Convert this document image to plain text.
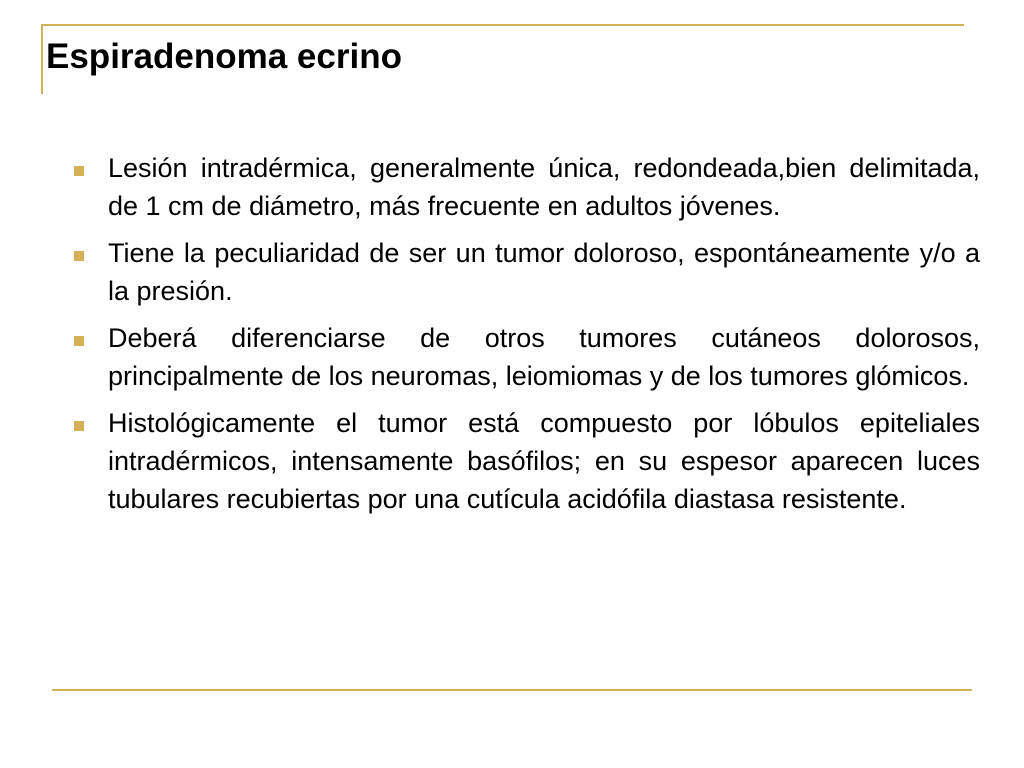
Espiradenoma ecrino
Lesión intradérmica, generalmente única, redondeada,bien delimitada, de 1 cm de diámetro, más frecuente en adultos jóvenes.
Tiene la peculiaridad de ser un tumor doloroso, espontáneamente y/o a la presión.
Deberá diferenciarse de otros tumores cutáneos dolorosos, principalmente de los neuromas, leiomiomas y de los tumores glómicos.
Histológicamente el tumor está compuesto por lóbulos epiteliales intradérmicos, intensamente basófilos; en su espesor aparecen luces tubulares recubiertas por una cutícula acidófila diastasa resistente.
